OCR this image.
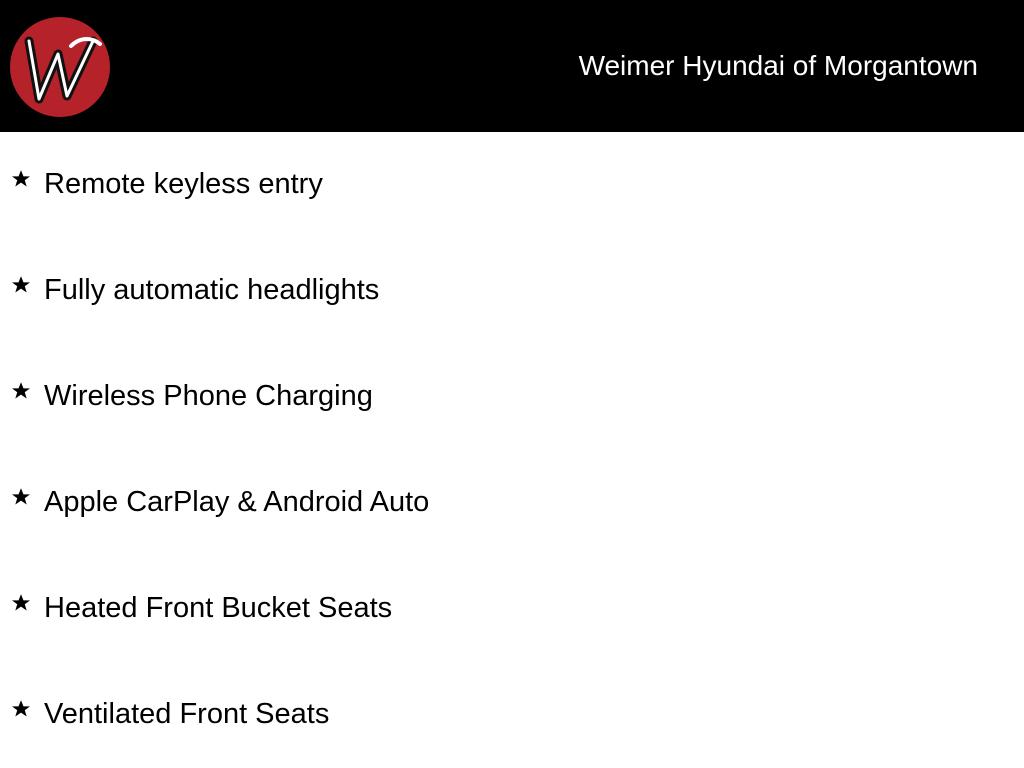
Weimer Hyundai of Morgantown
Remote keyless entry
Fully automatic headlights
Wireless Phone Charging
Apple CarPlay & Android Auto
Heated Front Bucket Seats
Ventilated Front Seats
